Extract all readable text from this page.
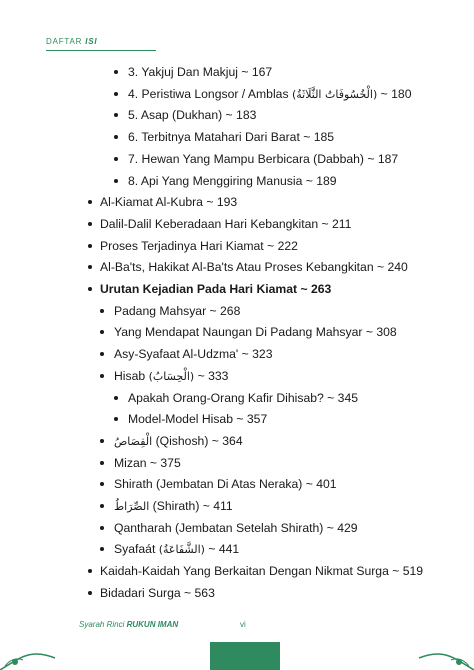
DAFTAR ISI
3. Yakjuj Dan Makjuj ~ 167
4. Peristiwa Longsor / Amblas (الْخُسُوفَاتُ الثَّلَاثَةُ) ~ 180
5. Asap (Dukhan) ~ 183
6. Terbitnya Matahari Dari Barat ~ 185
7. Hewan Yang Mampu Berbicara (Dabbah) ~ 187
8. Api Yang Menggiring Manusia ~ 189
Al-Kiamat Al-Kubra ~ 193
Dalil-Dalil Keberadaan Hari Kebangkitan ~ 211
Proses Terjadinya Hari Kiamat ~ 222
Al-Ba'ts, Hakikat Al-Ba'ts Atau Proses Kebangkitan ~ 240
Urutan Kejadian Pada Hari Kiamat ~ 263
Padang Mahsyar ~ 268
Yang Mendapat Naungan Di Padang Mahsyar ~ 308
Asy-Syafaat Al-Udzma' ~ 323
Hisab (الْحِسَابُ) ~ 333
Apakah Orang-Orang Kafir Dihisab? ~ 345
Model-Model Hisab ~ 357
الْقِصَاصُ (Qishosh) ~ 364
Mizan ~ 375
Shirath (Jembatan Di Atas Neraka) ~ 401
الصِّرَاطُ (Shirath) ~ 411
Qantharah (Jembatan Setelah Shirath) ~ 429
Syafaát (الشَّفَاعَةُ) ~ 441
Kaidah-Kaidah Yang Berkaitan Dengan Nikmat Surga ~ 519
Bidadari Surga ~ 563
Syarah Rinci RUKUN IMAN	vi
